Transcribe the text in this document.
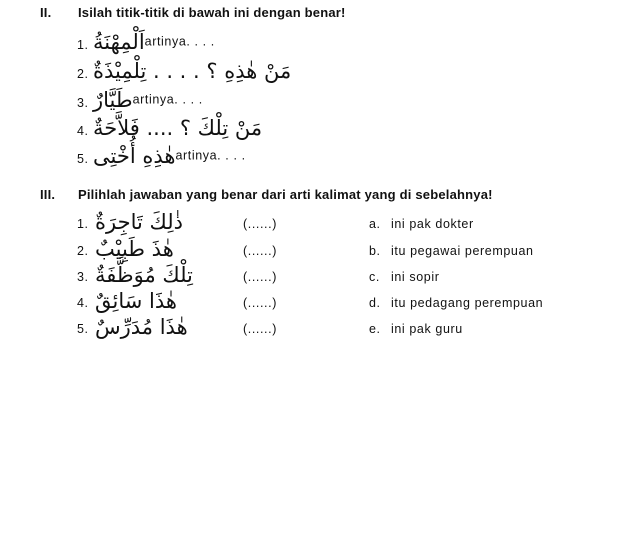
II. Isilah titik-titik di bawah ini dengan benar!
1. اَلْمِهْنَةُartinya. . . .
2. مَنْ هٰذِهِ ؟ . . . . تِلْمِيْذَةٌ
3. طَيَّارٌartinya. . . .
4. مَنْ تِلْكَ ؟ .... فَلاَّحَةٌ
5. هٰذِهِ أُخْتِىartinya. . . .
III. Pilihlah jawaban yang benar dari arti kalimat yang di sebelahnya!
1. ذٰلِكَ تَاجِرَةٌ	(......)	a. ini pak dokter
2. هٰذَ طَبِيْبٌ	(......)	b. itu pegawai perempuan
3. تِلْكَ مُوَظَّفَةٌ	(......)	c. ini sopir
4. هٰذَا سَائِقٌ	(......)	d. itu pedagang perempuan
5. هٰذَا مُدَرِّسٌ	(......)	e. ini pak guru
